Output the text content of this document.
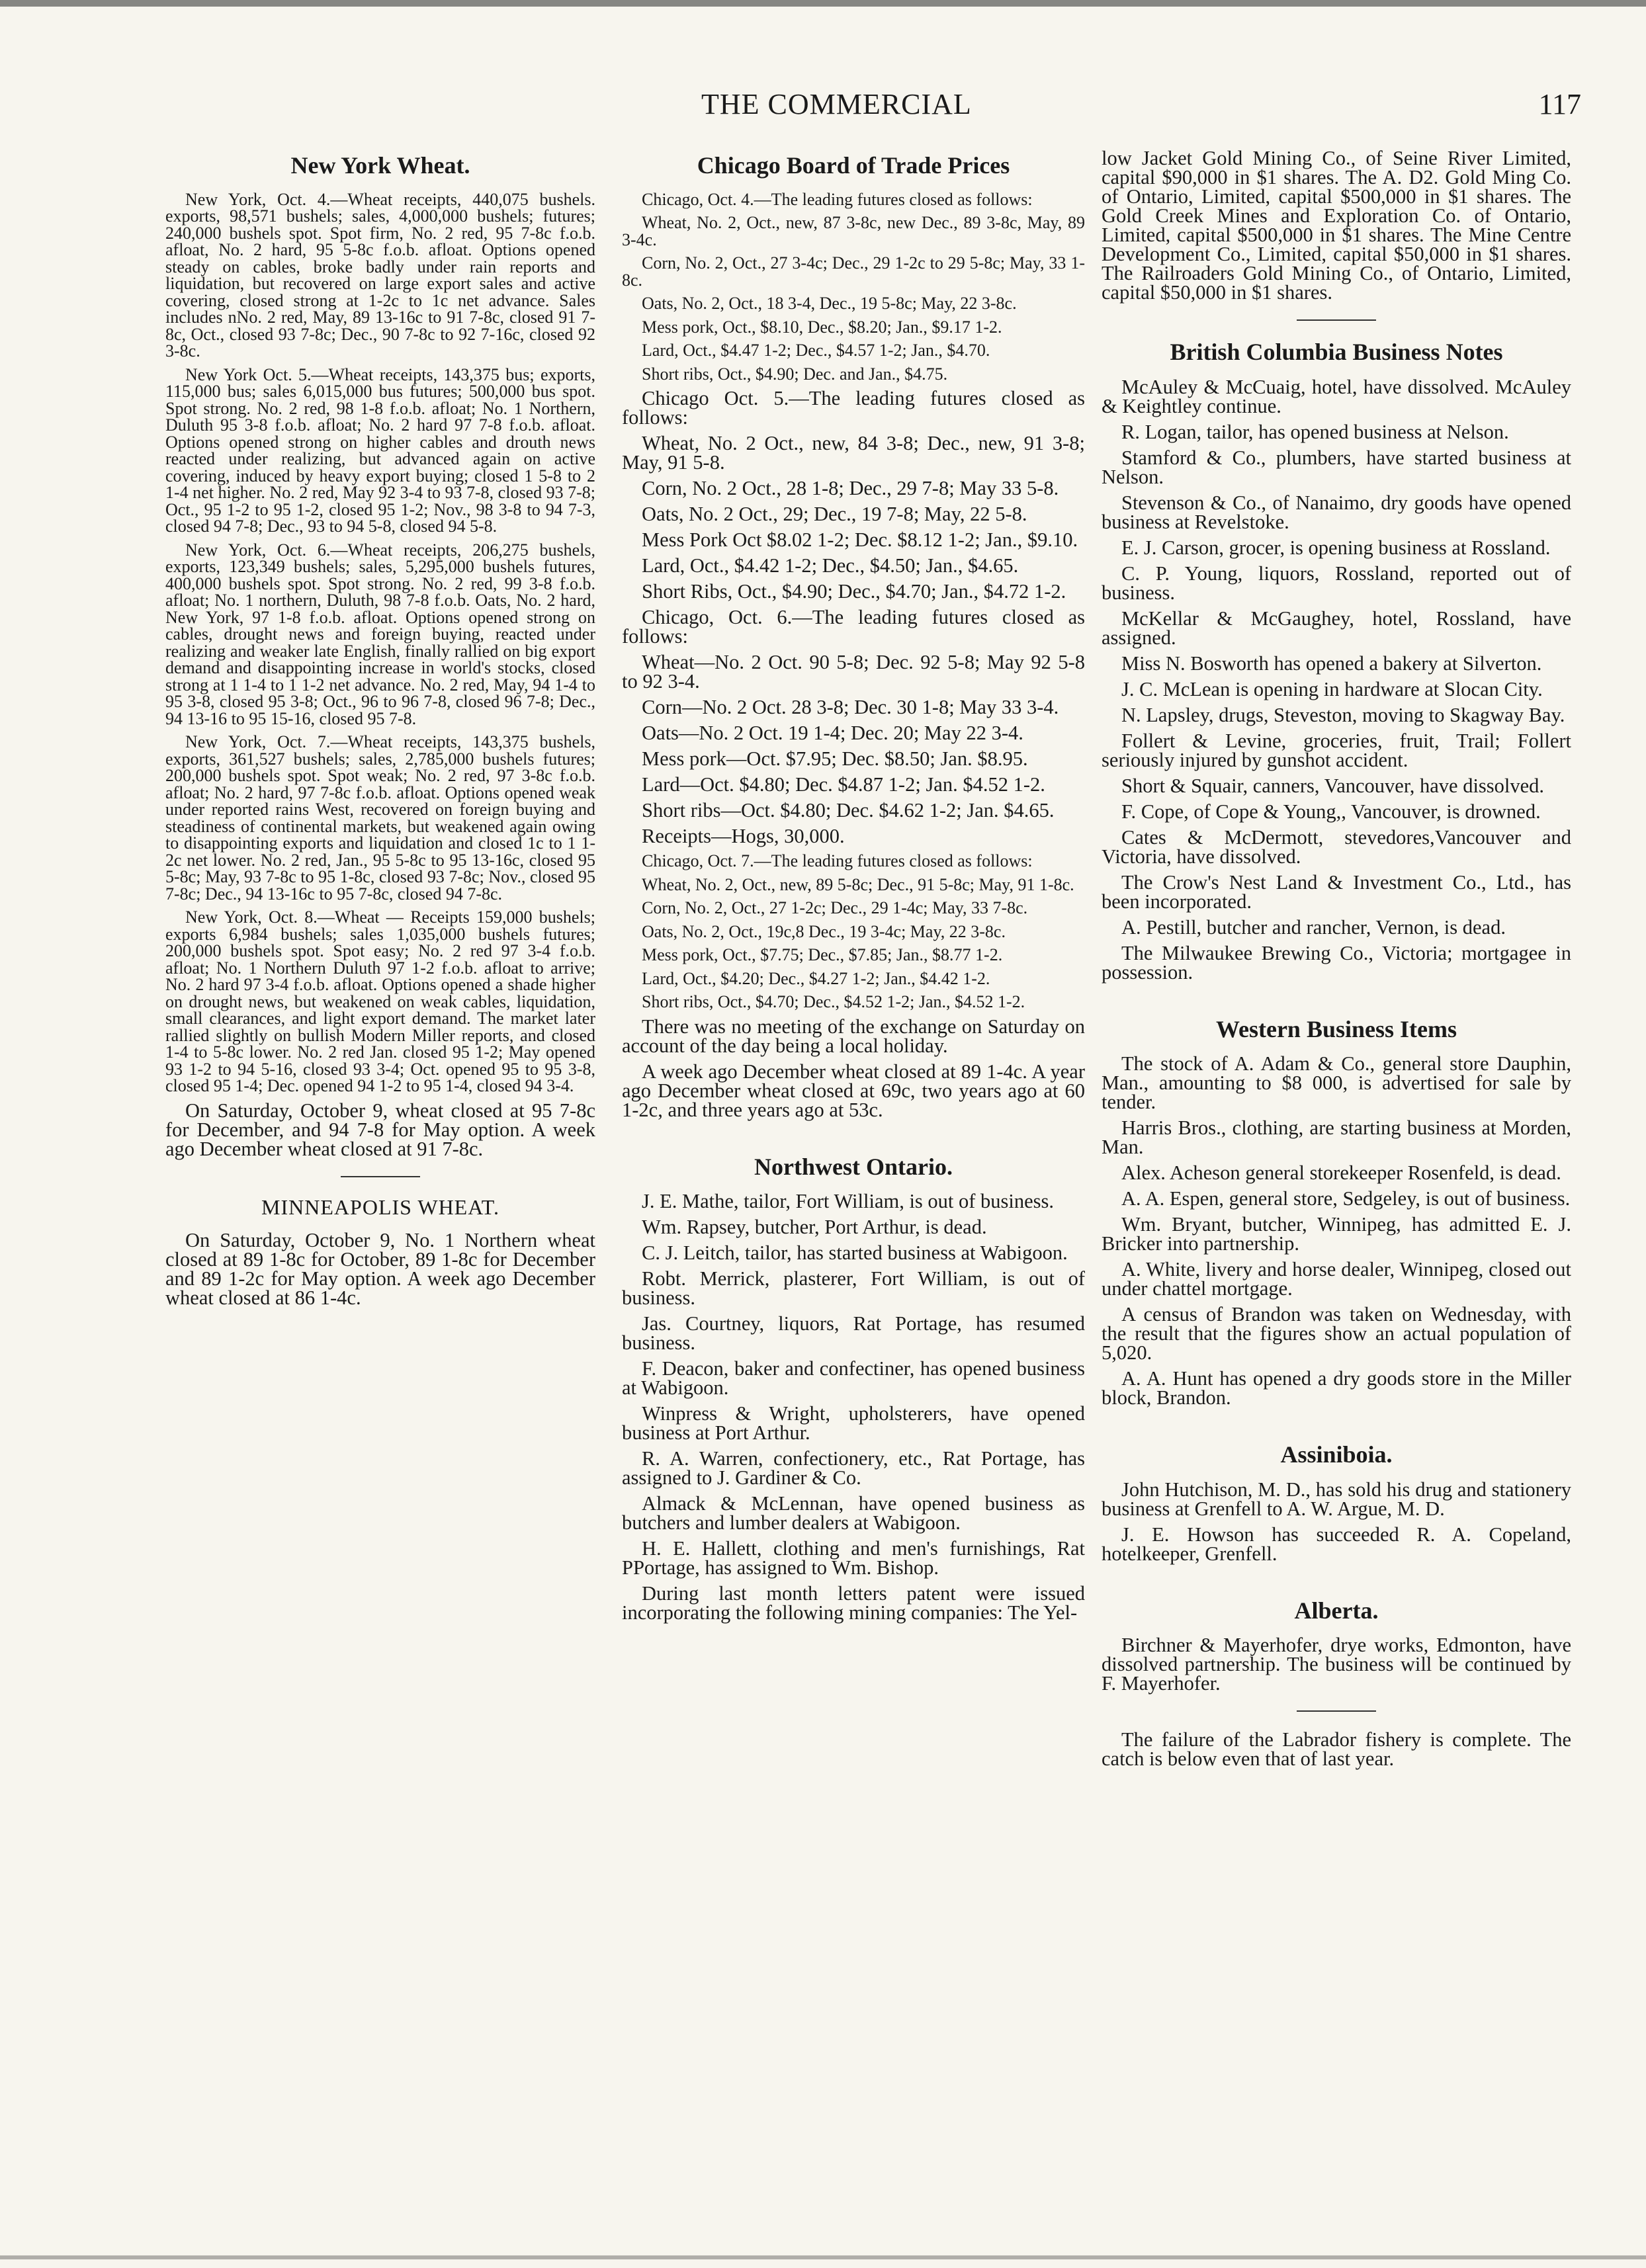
THE COMMERCIAL	117
New York Wheat.

New York, Oct. 4.—Wheat receipts, 440,075 bushels. exports, 98,571 bushels; sales, 4,000,000 bushels; futures; 240,000 bushels spot. Spot firm, No. 2 red, 95 7-8c f.o.b. afloat, No. 2 hard, 95 5-8c f.o.b. afloat. Options opened steady on cables, broke badly under rain reports and liquidation, but recovered on large export sales and active covering, closed strong at 1-2c to 1c net advance. Sales includes nNo. 2 red, May, 89 13-16c to 91 7-8c, closed 91 7-8c, Oct., closed 93 7-8c; Dec., 90 7-8c to 92 7-16c, closed 92 3-8c.

New York Oct. 5.—Wheat receipts, 143,375 bus; exports, 115,000 bus; sales 6,015,000 bus futures; 500,000 bus spot. Spot strong. No. 2 red, 98 1-8 f.o.b. afloat; No. 1 Northern, Duluth 95 3-8 f.o.b. afloat; No. 2 hard 97 7-8 f.o.b. afloat. Options opened strong on higher cables and drouth news reacted under realizing, but advanced again on active covering, induced by heavy export buying; closed 1 5-8 to 2 1-4 net higher. No. 2 red, May 92 3-4 to 93 7-8, closed 93 7-8; Oct., 95 1-2 to 95 1-2, closed 95 1-2; Nov., 98 3-8 to 94 7-3, closed 94 7-8; Dec., 93 to 94 5-8, closed 94 5-8.

New York, Oct. 6.—Wheat receipts, 206,275 bushels, exports, 123,349 bushels; sales, 5,295,000 bushels futures, 400,000 bushels spot. Spot strong. No. 2 red, 99 3-8 f.o.b. afloat; No. 1 northern, Duluth, 98 7-8 f.o.b. Oats, No. 2 hard, New York, 97 1-8 f.o.b. afloat. Options opened strong on cables, drought news and foreign buying, reacted under realizing and weaker late English, finally rallied on big export demand and disappointing increase in world's stocks, closed strong at 1 1-4 to 1 1-2 net advance. No. 2 red, May, 94 1-4 to 95 3-8, closed 95 3-8; Oct., 96 to 96 7-8, closed 96 7-8; Dec., 94 13-16 to 95 15-16, closed 95 7-8.

New York, Oct. 7.—Wheat receipts, 143,375 bushels, exports, 361,527 bushels; sales, 2,785,000 bushels futures; 200,000 bushels spot. Spot weak; No. 2 red, 97 3-8c f.o.b. afloat; No. 2 hard, 97 7-8c f.o.b. afloat. Options opened weak under reported rains West, recovered on foreign buying and steadiness of continental markets, but weakened again owing to disappointing exports and liquidation and closed 1c to 1 1-2c net lower. No. 2 red, Jan., 95 5-8c to 95 13-16c, closed 95 5-8c; May, 93 7-8c to 95 1-8c, closed 93 7-8c; Nov., closed 95 7-8c; Dec., 94 13-16c to 95 7-8c, closed 94 7-8c.

New York, Oct. 8.—Wheat — Receipts 159,000 bushels; exports 6,984 bushels; sales 1,035,000 bushels futures; 200,000 bushels spot. Spot easy; No. 2 red 97 3-4 f.o.b. afloat; No. 1 Northern Duluth 97 1-2 f.o.b. afloat to arrive; No. 2 hard 97 3-4 f.o.b. afloat. Options opened a shade higher on drought news, but weakened on weak cables, liquidation, small clearances, and light export demand. The market later rallied slightly on bullish Modern Miller reports, and closed 1-4 to 5-8c lower. No. 2 red Jan. closed 95 1-2; May opened 93 1-2 to 94 5-16, closed 93 3-4; Oct. opened 95 to 95 3-8, closed 95 1-4; Dec. opened 94 1-2 to 95 1-4, closed 94 3-4.

On Saturday, October 9, wheat closed at 95 7-8c for December, and 94 7-8 for May option. A week ago December wheat closed at 91 7-8c.

MINNEAPOLIS WHEAT.

On Saturday, October 9, No. 1 Northern wheat closed at 89 1-8c for October, 89 1-8c for December and 89 1-2c for May option. A week ago December wheat closed at 86 1-4c.

Chicago Board of Trade Prices

Chicago, Oct. 4.—The leading futures closed as follows:

Wheat, No. 2, Oct., new, 87 3-8c, new Dec., 89 3-8c, May, 89 3-4c.

Corn, No. 2, Oct., 27 3-4c; Dec., 29 1-2c to 29 5-8c; May, 33 1-8c.

Oats, No. 2, Oct., 18 3-4, Dec., 19 5-8c; May, 22 3-8c.

Mess pork, Oct., $8.10, Dec., $8.20; Jan., $9.17 1-2.

Lard, Oct., $4.47 1-2; Dec., $4.57 1-2; Jan., $4.70.

Short ribs, Oct., $4.90; Dec. and Jan., $4.75.

Chicago Oct. 5.—The leading futures closed as follows:

Wheat, No. 2 Oct., new, 84 3-8; Dec., new, 91 3-8; May, 91 5-8.

Corn, No. 2 Oct., 28 1-8; Dec., 29 7-8; May 33 5-8.

Oats, No. 2 Oct., 29; Dec., 19 7-8; May, 22 5-8.

Mess Pork Oct $8.02 1-2; Dec. $8.12 1-2; Jan., $9.10.

Lard, Oct., $4.42 1-2; Dec., $4.50; Jan., $4.65.

Short Ribs, Oct., $4.90; Dec., $4.70; Jan., $4.72 1-2.

Chicago, Oct. 6.—The leading futures closed as follows:

Wheat—No. 2 Oct. 90 5-8; Dec. 92 5-8; May 92 5-8 to 92 3-4.

Corn—No. 2 Oct. 28 3-8; Dec. 30 1-8; May 33 3-4.

Oats—No. 2 Oct. 19 1-4; Dec. 20; May 22 3-4.

Mess pork—Oct. $7.95; Dec. $8.50; Jan. $8.95.

Lard—Oct. $4.80; Dec. $4.87 1-2; Jan. $4.52 1-2.

Short ribs—Oct. $4.80; Dec. $4.62 1-2; Jan. $4.65.

Receipts—Hogs, 30,000.

Chicago, Oct. 7.—The leading futures closed as follows:

Wheat, No. 2, Oct., new, 89 5-8c; Dec., 91 5-8c; May, 91 1-8c.

Corn, No. 2, Oct., 27 1-2c; Dec., 29 1-4c; May, 33 7-8c.

Oats, No. 2, Oct., 19c,8 Dec., 19 3-4c; May, 22 3-8c.

Mess pork, Oct., $7.75; Dec., $7.85; Jan., $8.77 1-2.

Lard, Oct., $4.20; Dec., $4.27 1-2; Jan., $4.42 1-2.

Short ribs, Oct., $4.70; Dec., $4.52 1-2; Jan., $4.52 1-2.

There was no meeting of the exchange on Saturday on account of the day being a local holiday.

A week ago December wheat closed at 89 1-4c. A year ago December wheat closed at 69c, two years ago at 60 1-2c, and three years ago at 53c.

Northwest Ontario.

J. E. Mathe, tailor, Fort William, is out of business.

Wm. Rapsey, butcher, Port Arthur, is dead.

C. J. Leitch, tailor, has started business at Wabigoon.

Robt. Merrick, plasterer, Fort William, is out of business.

Jas. Courtney, liquors, Rat Portage, has resumed business.

F. Deacon, baker and confectiner, has opened business at Wabigoon.

Winpress & Wright, upholsterers, have opened business at Port Arthur.

R. A. Warren, confectionery, etc., Rat Portage, has assigned to J. Gardiner & Co.

Almack & McLennan, have opened business as butchers and lumber dealers at Wabigoon.

H. E. Hallett, clothing and men's furnishings, Rat PPortage, has assigned to Wm. Bishop.

During last month letters patent were issued incorporating the following mining companies: The Yel-

low Jacket Gold Mining Co., of Seine River Limited, capital $90,000 in $1 shares. The A. D2. Gold Ming Co. of Ontario, Limited, capital $500,000 in $1 shares. The Gold Creek Mines and Exploration Co. of Ontario, Limited, capital $500,000 in $1 shares. The Mine Centre Development Co., Limited, capital $50,000 in $1 shares. The Railroaders Gold Mining Co., of Ontario, Limited, capital $50,000 in $1 shares.

British Columbia Business Notes

McAuley & McCuaig, hotel, have dissolved. McAuley & Keightley continue.

R. Logan, tailor, has opened business at Nelson.

Stamford & Co., plumbers, have started business at Nelson.

Stevenson & Co., of Nanaimo, dry goods have opened business at Revelstoke.

E. J. Carson, grocer, is opening business at Rossland.

C. P. Young, liquors, Rossland, reported out of business.

McKellar & McGaughey, hotel, Rossland, have assigned.

Miss N. Bosworth has opened a bakery at Silverton.

J. C. McLean is opening in hardware at Slocan City.

N. Lapsley, drugs, Steveston, moving to Skagway Bay.

Follert & Levine, groceries, fruit, Trail; Follert seriously injured by gunshot accident.

Short & Squair, canners, Vancouver, have dissolved.

F. Cope, of Cope & Young,, Vancouver, is drowned.

Cates & McDermott, stevedores,Vancouver and Victoria, have dissolved.

The Crow's Nest Land & Investment Co., Ltd., has been incorporated.

A. Pestill, butcher and rancher, Vernon, is dead.

The Milwaukee Brewing Co., Victoria; mortgagee in possession.

Western Business Items

The stock of A. Adam & Co., general store Dauphin, Man., amounting to $8 000, is advertised for sale by tender.

Harris Bros., clothing, are starting business at Morden, Man.

Alex. Acheson general storekeeper Rosenfeld, is dead.

A. A. Espen, general store, Sedgeley, is out of business.

Wm. Bryant, butcher, Winnipeg, has admitted E. J. Bricker into partnership.

A. White, livery and horse dealer, Winnipeg, closed out under chattel mortgage.

A census of Brandon was taken on Wednesday, with the result that the figures show an actual population of 5,020.

A. A. Hunt has opened a dry goods store in the Miller block, Brandon.

Assiniboia.

John Hutchison, M. D., has sold his drug and stationery business at Grenfell to A. W. Argue, M. D.

J. E. Howson has succeeded R. A. Copeland, hotelkeeper, Grenfell.

Alberta.

Birchner & Mayerhofer, drye works, Edmonton, have dissolved partnership. The business will be continued by F. Mayerhofer.

The failure of the Labrador fishery is complete. The catch is below even that of last year.
